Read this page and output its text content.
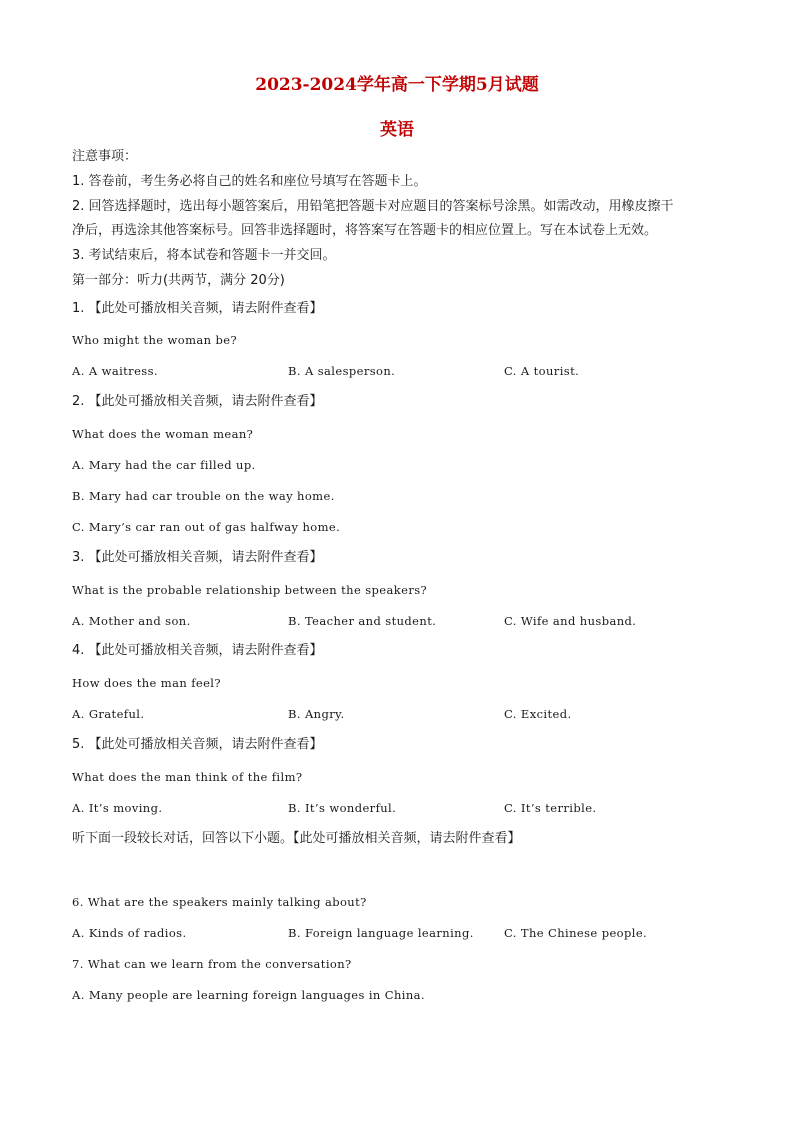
2023-2024学年高一下学期5月试题
英语
注意事项：
1. 答卷前，考生务必将自己的姓名和座位号填写在答题卡上。
2. 回答选择题时，选出每小题答案后，用铅笔把答题卡对应题目的答案标号涂黑。如需改动，用橡皮擦干
净后，再选涂其他答案标号。回答非选择题时，将答案写在答题卡的相应位置上。写在本试卷上无效。
3. 考试结束后，将本试卷和答题卡一并交回。
第一部分：听力(共两节，满分 20分)
1. 【此处可播放相关音频，请去附件查看】
Who might the woman be?
A. A waitress.	B. A salesperson.	C. A tourist.
2. 【此处可播放相关音频，请去附件查看】
What does the woman mean?
A. Mary had the car filled up.
B. Mary had car trouble on the way home.
C. Mary’s car ran out of gas halfway home.
3. 【此处可播放相关音频，请去附件查看】
What is the probable relationship between the speakers?
A. Mother and son.	B. Teacher and student.	C. Wife and husband.
4. 【此处可播放相关音频，请去附件查看】
How does the man feel?
A. Grateful.	B. Angry.	C. Excited.
5. 【此处可播放相关音频，请去附件查看】
What does the man think of the film?
A. It’s moving.	B. It’s wonderful.	C. It’s terrible.
听下面一段较长对话，回答以下小题。【此处可播放相关音频，请去附件查看】
6. What are the speakers mainly talking about?
A. Kinds of radios.	B. Foreign language learning.	C. The Chinese people.
7. What can we learn from the conversation?
A. Many people are learning foreign languages in China.
